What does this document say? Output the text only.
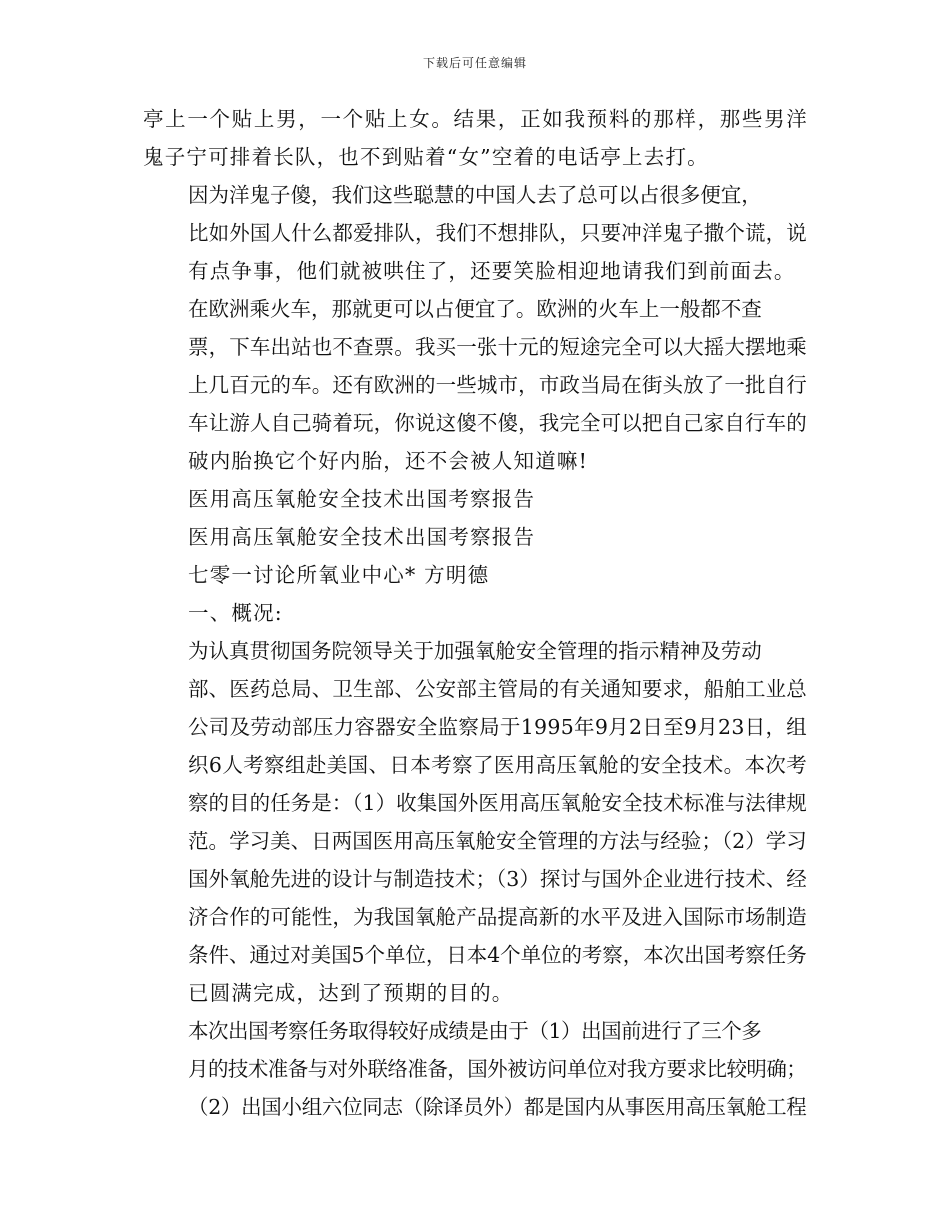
下载后可任意编辑

亭上一个贴上男，一个贴上女。结果，正如我预料的那样，那些男洋
鬼子宁可排着长队，也不到贴着“女”空着的电话亭上去打。

因为洋鬼子傻，我们这些聪慧的中国人去了总可以占很多便宜，
比如外国人什么都爱排队，我们不想排队，只要冲洋鬼子撒个谎，说
有点争事，他们就被哄住了，还要笑脸相迎地请我们到前面去。

在欧洲乘火车，那就更可以占便宜了。欧洲的火车上一般都不查
票，下车出站也不查票。我买一张十元的短途完全可以大摇大摆地乘
上几百元的车。还有欧洲的一些城市，市政当局在街头放了一批自行
车让游人自己骑着玩，你说这傻不傻，我完全可以把自己家自行车的
破内胎换它个好内胎，还不会被人知道嘛!

医用高压氧舱安全技术出国考察报告

医用高压氧舱安全技术出国考察报告

七零一讨论所氧业中心* 方明德

一、概况:

为认真贯彻国务院领导关于加强氧舱安全管理的指示精神及劳动
部、医药总局、卫生部、公安部主管局的有关通知要求，船舶工业总
公司及劳动部压力容器安全监察局于1995年9月2日至9月23日，组
织6人考察组赴美国、日本考察了医用高压氧舱的安全技术。本次考
察的目的任务是：（1）收集国外医用高压氧舱安全技术标准与法律规
范。学习美、日两国医用高压氧舱安全管理的方法与经验；（2）学习
国外氧舱先进的设计与制造技术；（3）探讨与国外企业进行技术、经
济合作的可能性，为我国氧舱产品提高新的水平及进入国际市场制造
条件、通过对美国5个单位，日本4个单位的考察，本次出国考察任务
已圆满完成，达到了预期的目的。

本次出国考察任务取得较好成绩是由于（1）出国前进行了三个多
月的技术准备与对外联络准备，国外被访问单位对我方要求比较明确；
（2）出国小组六位同志（除译员外）都是国内从事医用高压氧舱工程
